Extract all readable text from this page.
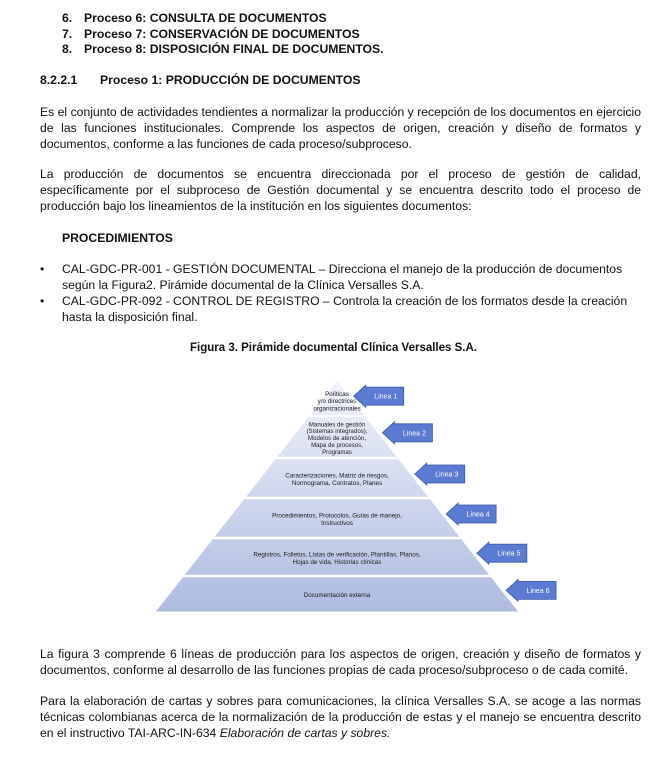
6. Proceso 6: CONSULTA DE DOCUMENTOS
7. Proceso 7: CONSERVACIÓN DE DOCUMENTOS
8. Proceso 8: DISPOSICIÓN FINAL DE DOCUMENTOS.
8.2.2.1 Proceso 1: PRODUCCIÓN DE DOCUMENTOS

Es el conjunto de actividades tendientes a normalizar la producción y recepción de los documentos en ejercicio de las funciones institucionales. Comprende los aspectos de origen, creación y diseño de formatos y documentos, conforme a las funciones de cada proceso/subproceso.

La producción de documentos se encuentra direccionada por el proceso de gestión de calidad, específicamente por el subproceso de Gestión documental y se encuentra descrito todo el proceso de producción bajo los lineamientos de la institución en los siguientes documentos:

PROCEDIMIENTOS
• CAL-GDC-PR-001 - GESTIÓN DOCUMENTAL – Direcciona el manejo de la producción de documentos según la Figura2. Pirámide documental de la Clínica Versalles S.A.
• CAL-GDC-PR-092 - CONTROL DE REGISTRO – Controla la creación de los formatos desde la creación hasta la disposición final.
Figura 3. Pirámide documental Clínica Versalles S.A.
Políticas y/o directrices organizacionales
Manuales de gestión (Sistemas integrados), Modelos de atención, Mapa de procesos, Programas
Caracterizaciones, Matriz de riesgos, Normograma, Contratos, Planes
Procedimientos, Protocolos, Guías de manejo, Instructivos
Registros, Folletos, Listas de verificación, Plantillas, Planos, Hojas de vida, Historias clínicas
Documentación externa
Linea 1
Linea 2
Linea 3
Linea 4
Linea 5
Linea 6

La figura 3 comprende 6 líneas de producción para los aspectos de origen, creación y diseño de formatos y documentos, conforme al desarrollo de las funciones propias de cada proceso/subproceso o de cada comité.

Para la elaboración de cartas y sobres para comunicaciones, la clínica Versalles S.A. se acoge a las normas técnicas colombianas acerca de la normalización de la producción de estas y el manejo se encuentra descrito en el instructivo TAI-ARC-IN-634 Elaboración de cartas y sobres.
